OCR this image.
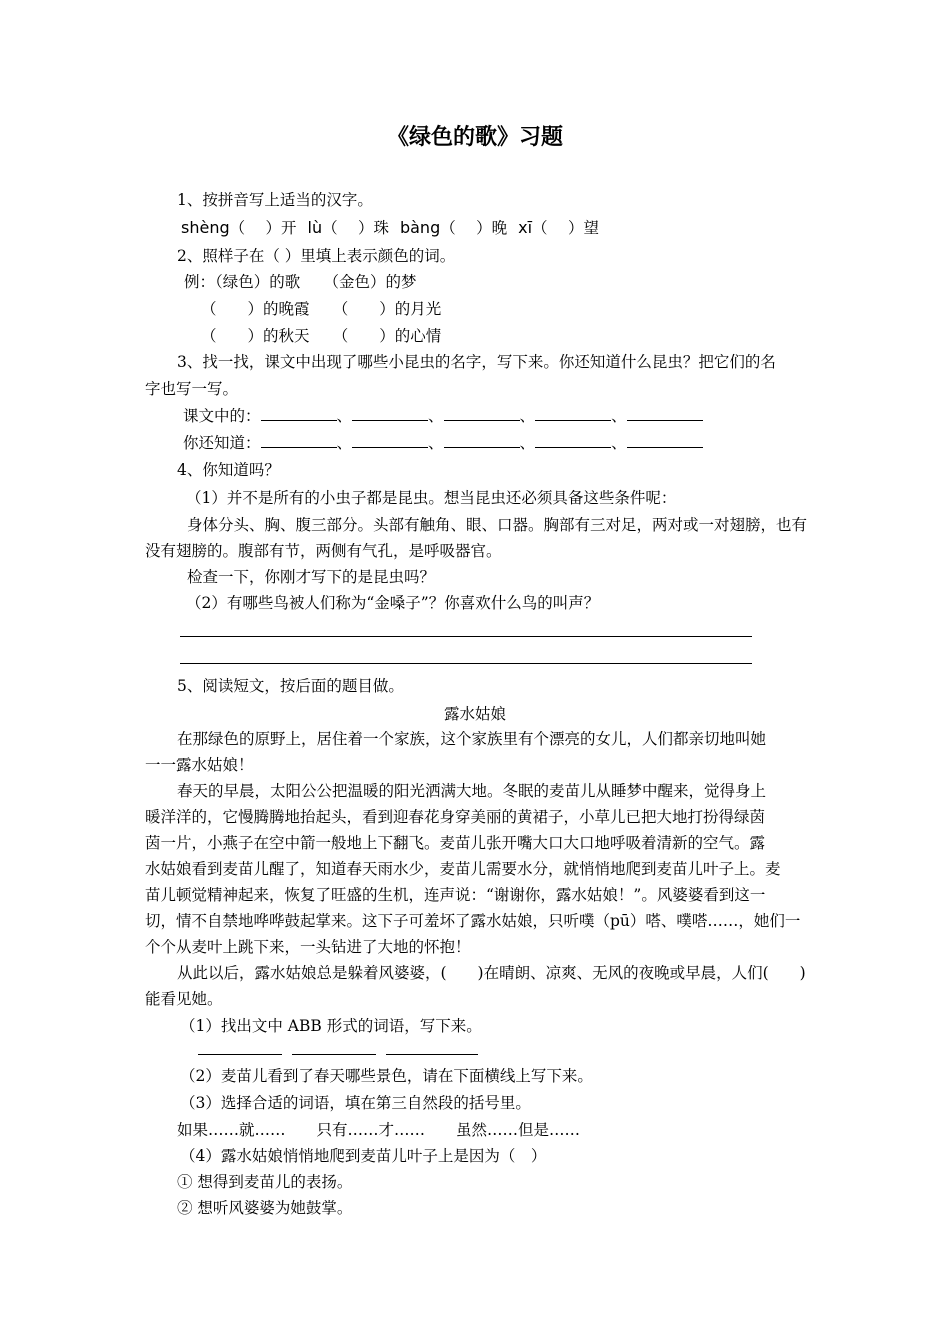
《绿色的歌》习题

1、按拼音写上适当的汉字。

shèng（　 ）开 lù（　 ）珠 bàng（　 ）晚 xī（　 ）望

2、照样子在（ ）里填上表示颜色的词。

例：（绿色）的歌　　（金色）的梦

（　　）的晚霞　　（　　）的月光

（　　）的秋天　　（　　）的心情

3、找一找，课文中出现了哪些小昆虫的名字，写下来。你还知道什么昆虫？把它们的名

字也写一写。

课文中的：	、	、	、	、

你还知道：	、	、	、	、

4、你知道吗？

（1）并不是所有的小虫子都是昆虫。想当昆虫还必须具备这些条件呢：

身体分头、胸、腹三部分。头部有触角、眼、口器。胸部有三对足，两对或一对翅膀，也有

没有翅膀的。腹部有节，两侧有气孔，是呼吸器官。

检查一下，你刚才写下的是昆虫吗？

（2）有哪些鸟被人们称为“金嗓子”？你喜欢什么鸟的叫声？

5、阅读短文，按后面的题目做。

露水姑娘

在那绿色的原野上，居住着一个家族，这个家族里有个漂亮的女儿，人们都亲切地叫她

一一露水姑娘！

春天的早晨，太阳公公把温暖的阳光洒满大地。冬眠的麦苗儿从睡梦中醒来，觉得身上

暖洋洋的，它慢腾腾地抬起头，看到迎春花身穿美丽的黄裙子，小草儿已把大地打扮得绿茵

茵一片，小燕子在空中箭一般地上下翻飞。麦苗儿张开嘴大口大口地呼吸着清新的空气。露

水姑娘看到麦苗儿醒了，知道春天雨水少，麦苗儿需要水分，就悄悄地爬到麦苗儿叶子上。麦

苗儿顿觉精神起来，恢复了旺盛的生机，连声说：“谢谢你，露水姑娘！”。风婆婆看到这一

切，情不自禁地哗哗鼓起掌来。这下子可羞坏了露水姑娘，只听噗（pū）嗒、噗嗒……，她们一

个个从麦叶上跳下来，一头钻进了大地的怀抱！

从此以后，露水姑娘总是躲着风婆婆，(　　)在晴朗、凉爽、无风的夜晚或早晨，人们(　　)

能看见她。

（1）找出文中 ABB 形式的词语，写下来。

（2）麦苗儿看到了春天哪些景色，请在下面横线上写下来。

（3）选择合适的词语，填在第三自然段的括号里。

如果……就……　　只有……才……　　虽然……但是……

（4）露水姑娘悄悄地爬到麦苗儿叶子上是因为（　）

① 想得到麦苗儿的表扬。

② 想听风婆婆为她鼓掌。
